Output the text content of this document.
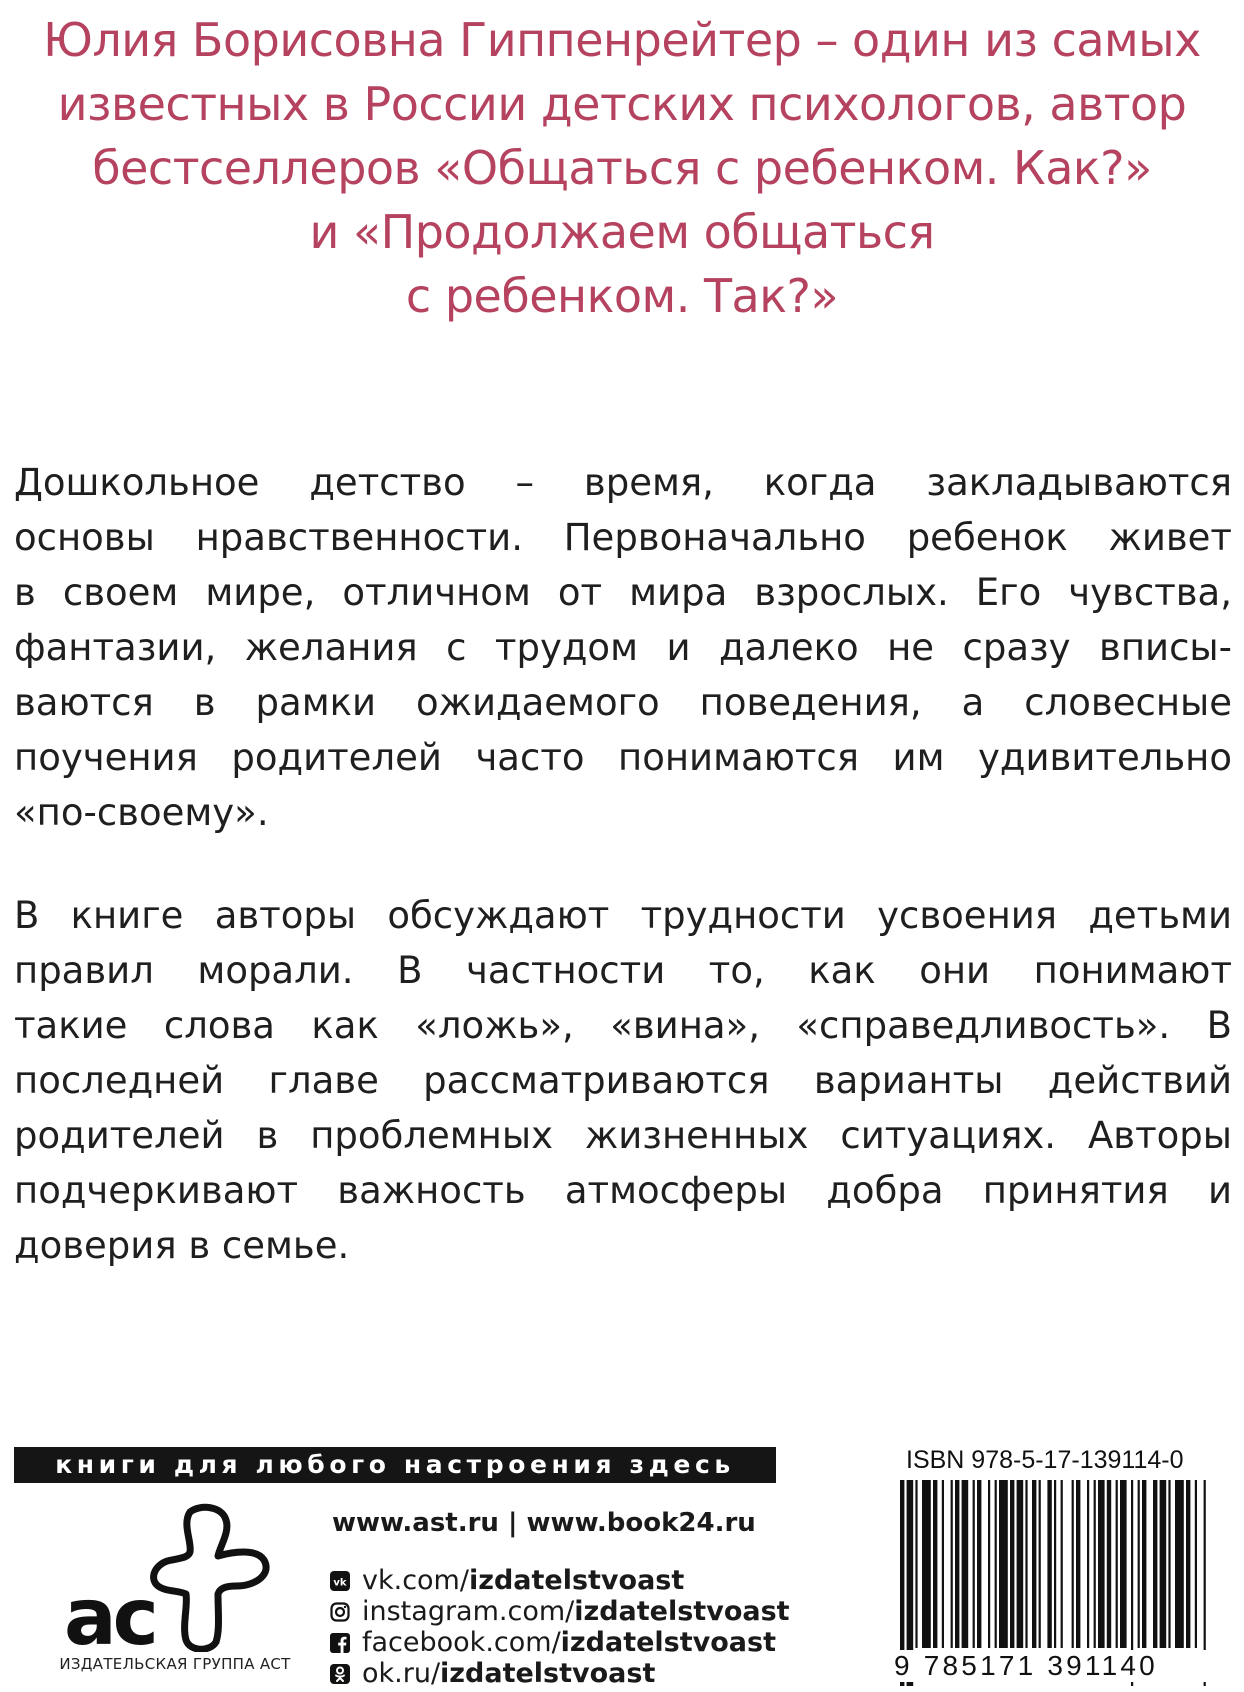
Юлия Борисовна Гиппенрейтер – один из самых
известных в России детских психологов, автор
бестселлеров «Общаться с ребенком. Как?»
и «Продолжаем общаться
с ребенком. Так?»
Дошкольное детство – время, когда закладываются
основы нравственности. Первоначально ребенок живет
в своем мире, отличном от мира взрослых. Его чувства,
фантазии, желания с трудом и далеко не сразу вписы-
ваются в рамки ожидаемого поведения, а словесные
поучения родителей часто понимаются им удивительно
«по-своему».
В книге авторы обсуждают трудности усвоения детьми
правил морали. В частности то, как они понимают
такие слова как «ложь», «вина», «справедливость». В
последней главе рассматриваются варианты действий
родителей в проблемных жизненных ситуациях. Авторы
подчеркивают важность атмосферы добра принятия и
доверия в семье.
книги для любого настроения здесь
ac
ИЗДАТЕЛЬСКАЯ ГРУППА АСТ
www.ast.ru | www.book24.ru
vk vk.com/ izdatelstvoast
instagram.com/ izdatelstvoast
facebook.com/ izdatelstvoast
ok.ru/ izdatelstvoast
ISBN 978-5-17-139114-0
9 785171 391140
